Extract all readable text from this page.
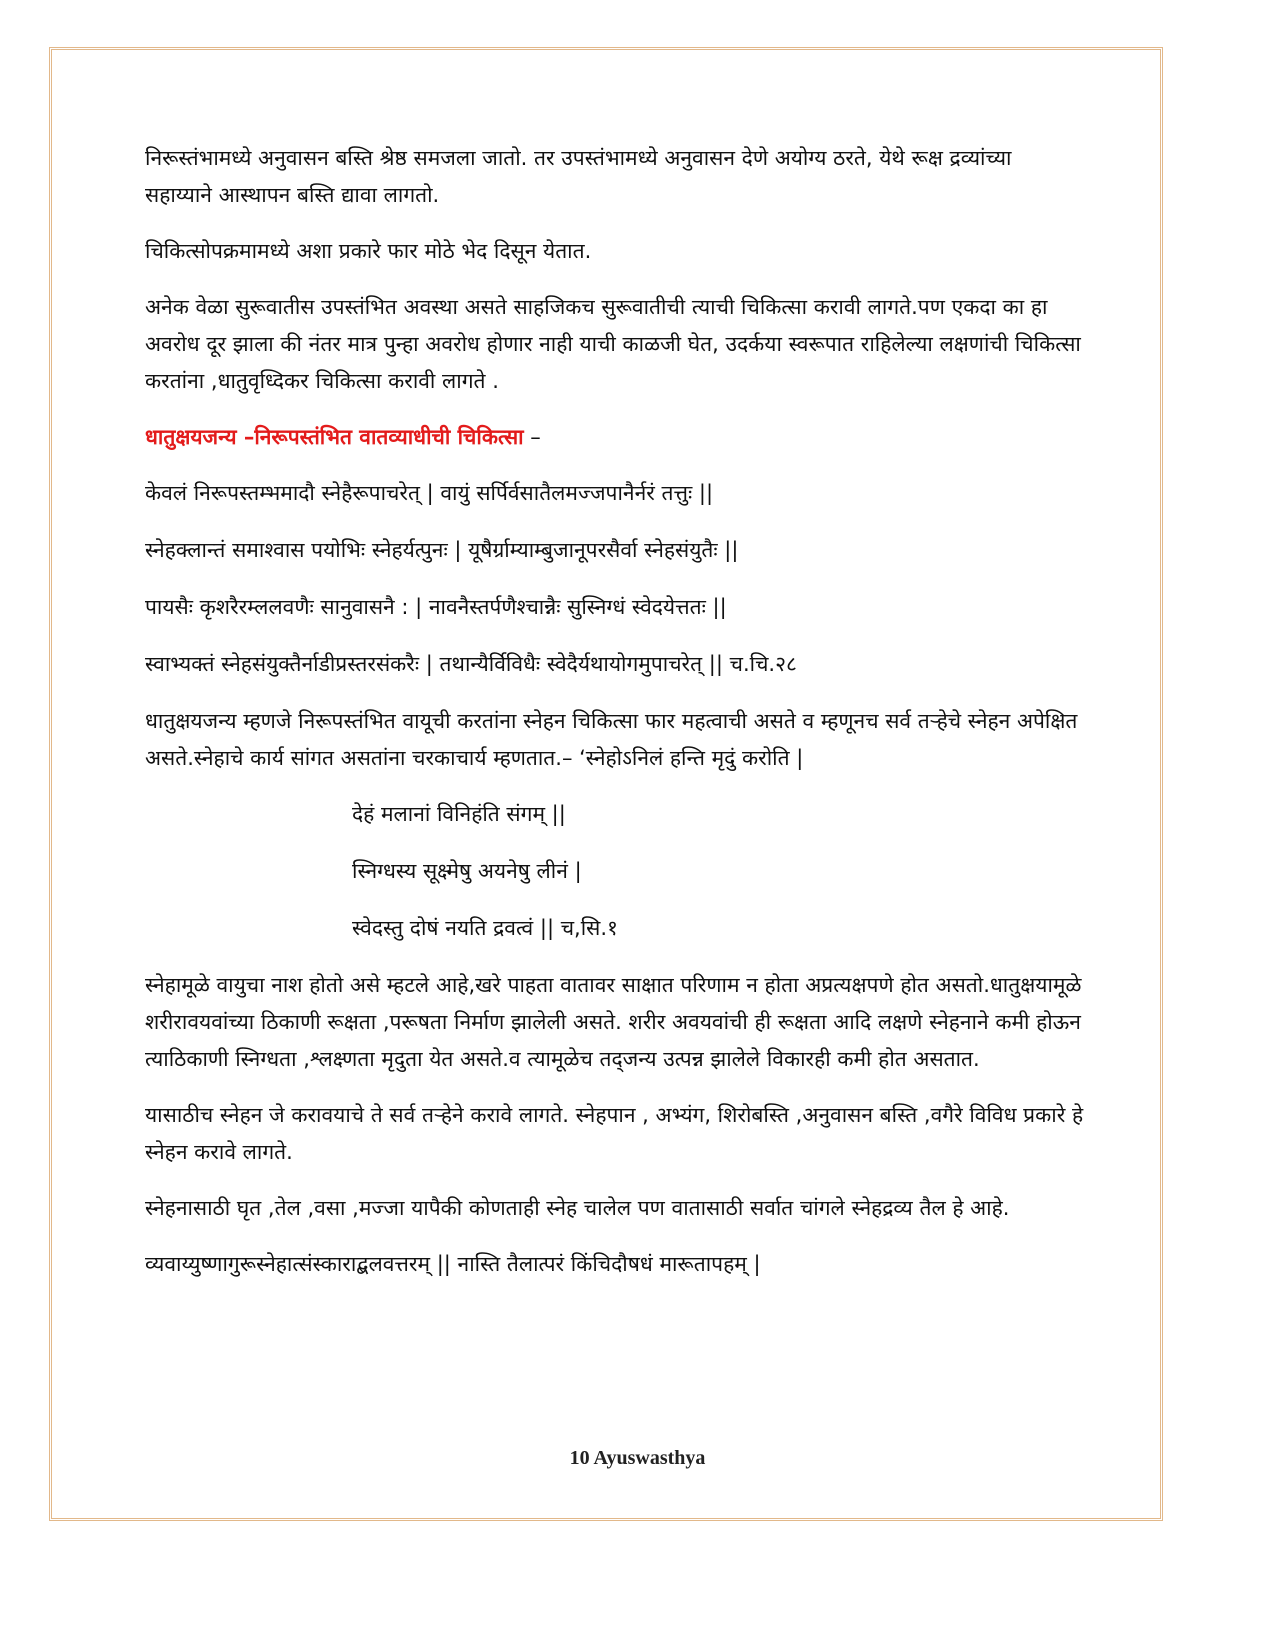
निरूस्तंभामध्ये अनुवासन बस्ति श्रेष्ठ समजला जातो. तर उपस्तंभामध्ये अनुवासन देणे अयोग्य ठरते, येथे रूक्ष द्रव्यांच्या सहाय्याने आस्थापन बस्ति द्यावा लागतो.

चिकित्सोपक्रमामध्ये अशा प्रकारे फार मोठे भेद दिसून येतात.

अनेक वेळा सुरूवातीस उपस्तंभित अवस्था असते साहजिकच सुरूवातीची त्याची चिकित्सा करावी लागते.पण एकदा का हा अवरोध दूर झाला की नंतर मात्र पुन्हा अवरोध होणार नाही याची काळजी घेत, उदर्कया स्वरूपात राहिलेल्या लक्षणांची चिकित्सा करतांना ,धातुवृध्दिकर चिकित्सा करावी लागते .

धातुक्षयजन्य –निरूपस्तंभित वातव्याधीची चिकित्सा –

केवलं निरूपस्तम्भमादौ स्नेहैरूपाचरेत् | वायुं सर्पिर्वसातैलमज्जपानैर्नरं तत्तुः ||

स्नेहक्लान्तं समाश्वास पयोभिः स्नेहर्यत्पुनः | यूषैर्ग्राम्याम्बुजानूपरसैर्वा स्नेहसंयुतैः ||

पायसैः कृशरैरम्ललवणैः सानुवासनै : | नावनैस्तर्पणैश्चान्नैः सुस्निग्धं स्वेदयेत्ततः ||

स्वाभ्यक्तं स्नेहसंयुक्तैर्नाडीप्रस्तरसंकरैः | तथान्यैर्विविधैः स्वेदैर्यथायोगमुपाचरेत् || च.चि.२८

धातुक्षयजन्य म्हणजे निरूपस्तंभित वायूची करतांना स्नेहन चिकित्सा फार महत्वाची असते व म्हणूनच सर्व तऱ्हेचे स्नेहन अपेक्षित असते.स्नेहाचे कार्य सांगत असतांना चरकाचार्य म्हणतात.– ‘स्नेहोऽनिलं हन्ति मृदुं करोति |

देहं मलानां विनिहंति संगम् ||

स्निग्धस्य सूक्ष्मेषु अयनेषु लीनं |

स्वेदस्तु दोषं नयति द्रवत्वं || च,सि.१

स्नेहामूळे वायुचा नाश होतो असे म्हटले आहे,खरे पाहता वातावर साक्षात परिणाम न होता अप्रत्यक्षपणे होत असतो.धातुक्षयामूळे शरीरावयवांच्या ठिकाणी रूक्षता ,परूषता निर्माण झालेली असते. शरीर अवयवांची ही रूक्षता आदि लक्षणे स्नेहनाने कमी होऊन त्याठिकाणी स्निग्धता ,श्लक्ष्णता मृदुता येत असते.व त्यामूळेच तद्जन्य उत्पन्न झालेले विकारही कमी होत असतात.

यासाठीच स्नेहन जे करावयाचे ते सर्व तऱ्हेने करावे लागते. स्नेहपान , अभ्यंग, शिरोबस्ति ,अनुवासन बस्ति ,वगैरे विविध प्रकारे हे स्नेहन करावे लागते.

स्नेहनासाठी घृत ,तेल ,वसा ,मज्जा यापैकी कोणताही स्नेह चालेल पण वातासाठी सर्वात चांगले स्नेहद्रव्य तैल हे आहे.

व्यवाय्युष्णागुरूस्नेहात्संस्काराद्बलवत्तरम् || नास्ति तैलात्परं किंचिदौषधं मारूतापहम् |

10 Ayuswasthya
